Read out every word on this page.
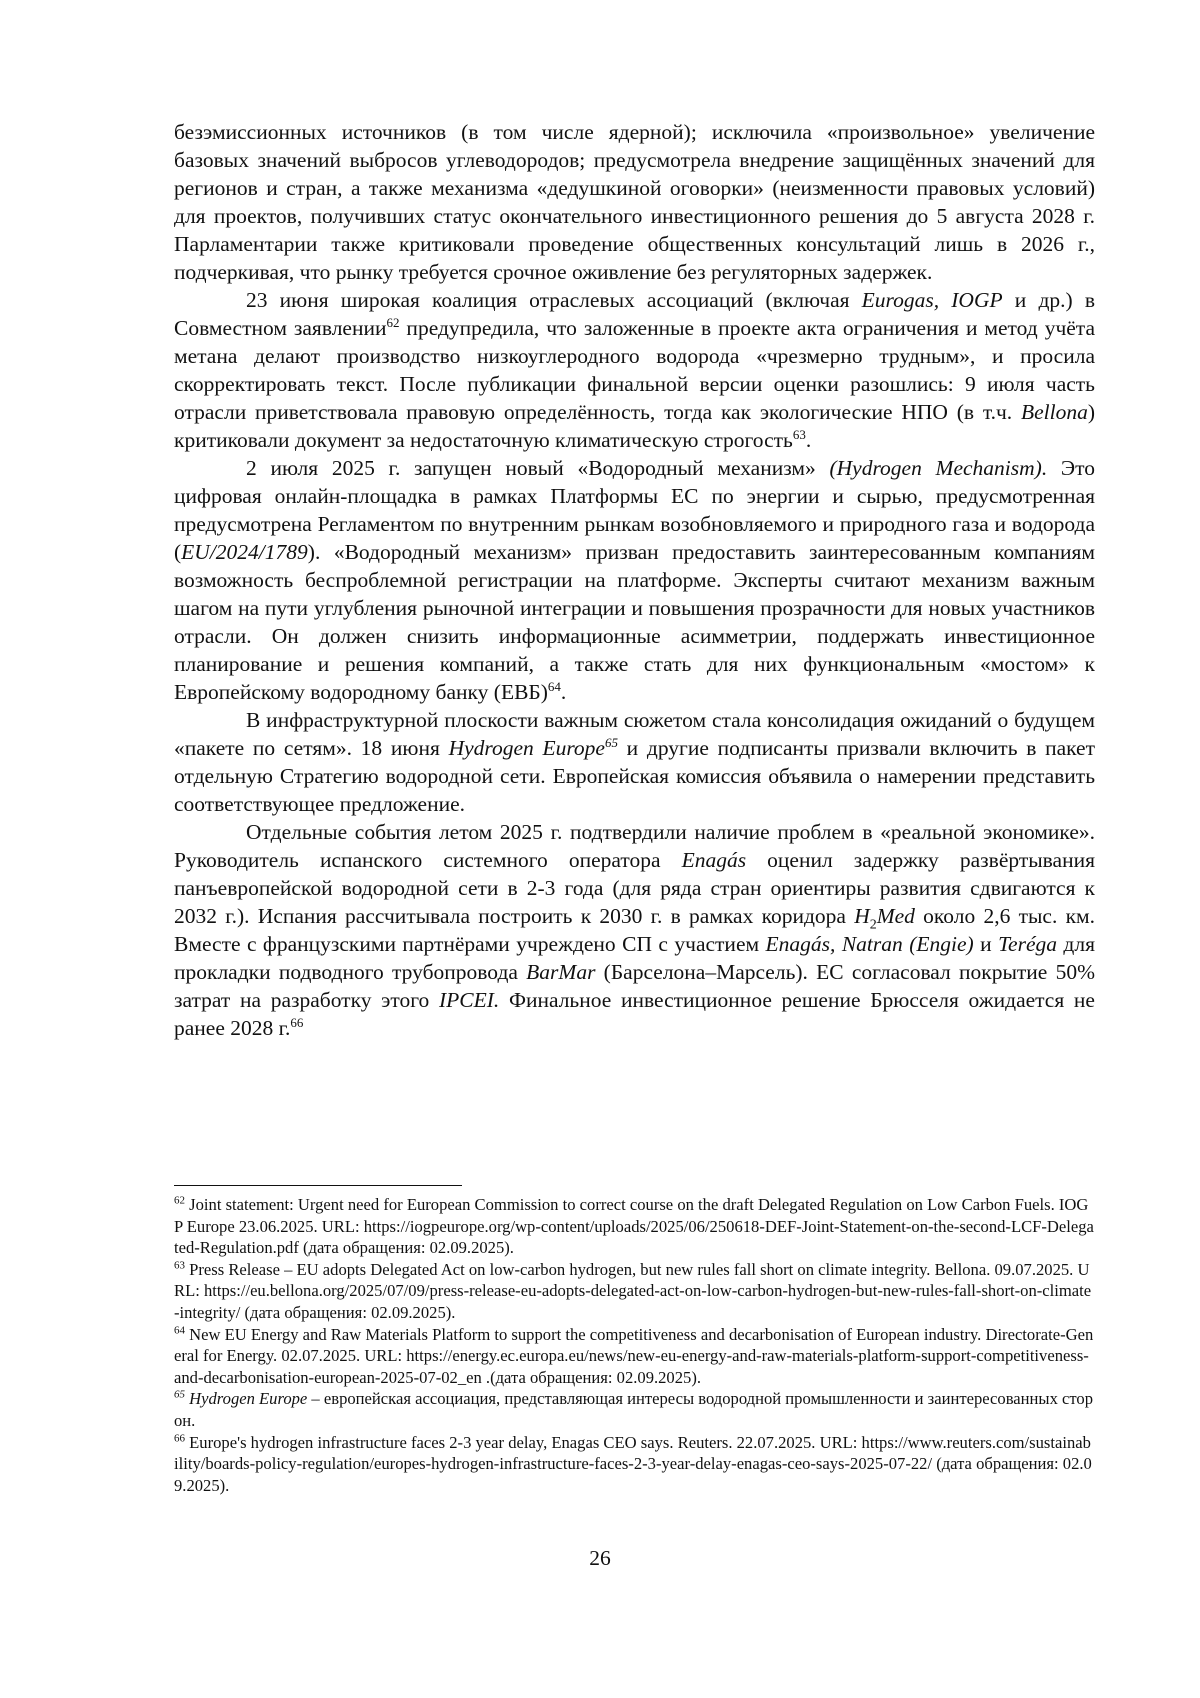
безэмиссионных источников (в том числе ядерной); исключила «произвольное» увеличение базовых значений выбросов углеводородов; предусмотрела внедрение защищённых значений для регионов и стран, а также механизма «дедушкиной оговорки» (неизменности правовых условий) для проектов, получивших статус окончательного инвестиционного решения до 5 августа 2028 г. Парламентарии также критиковали проведение общественных консультаций лишь в 2026 г., подчеркивая, что рынку требуется срочное оживление без регуляторных задержек.

23 июня широкая коалиция отраслевых ассоциаций (включая Eurogas, IOGP и др.) в Совместном заявлении$^{62}$ предупредила, что заложенные в проекте акта ограничения и метод учёта метана делают производство низкоуглеродного водорода «чрезмерно трудным», и просила скорректировать текст. После публикации финальной версии оценки разошлись: 9 июля часть отрасли приветствовала правовую определённость, тогда как экологические НПО (в т.ч. Bellona) критиковали документ за недостаточную климатическую строгость$^{63}$.

2 июля 2025 г. запущен новый «Водородный механизм» (Hydrogen Mechanism). Это цифровая онлайн-площадка в рамках Платформы ЕС по энергии и сырью, предусмотренная предусмотрена Регламентом по внутренним рынкам возобновляемого и природного газа и водорода (EU/2024/1789). «Водородный механизм» призван предоставить заинтересованным компаниям возможность беспроблемной регистрации на платформе. Эксперты считают механизм важным шагом на пути углубления рыночной интеграции и повышения прозрачности для новых участников отрасли. Он должен снизить информационные асимметрии, поддержать инвестиционное планирование и решения компаний, а также стать для них функциональным «мостом» к Европейскому водородному банку (ЕВБ)$^{64}$.

В инфраструктурной плоскости важным сюжетом стала консолидация ожиданий о будущем «пакете по сетям». 18 июня Hydrogen Europe$^{65}$ и другие подписанты призвали включить в пакет отдельную Стратегию водородной сети. Европейская комиссия объявила о намерении представить соответствующее предложение.

Отдельные события летом 2025 г. подтвердили наличие проблем в «реальной экономике». Руководитель испанского системного оператора Enagás оценил задержку развёртывания панъевропейской водородной сети в 2-3 года (для ряда стран ориентиры развития сдвигаются к 2032 г.). Испания рассчитывала построить к 2030 г. в рамках коридора $H_2Med$ около 2,6 тыс. км. Вместе с французскими партнёрами учреждено СП с участием Enagás, Natran (Engie) и Teréga для прокладки подводного трубопровода BarMar (Барселона–Марсель). ЕС согласовал покрытие 50% затрат на разработку этого IPCEI. Финальное инвестиционное решение Брюсселя ожидается не ранее 2028 г.$^{66}$

$^{62}$ Joint statement: Urgent need for European Commission to correct course on the draft Delegated Regulation on Low Carbon Fuels. IOGP Europe 23.06.2025. URL: https://iogpeurope.org/wp-content/uploads/2025/06/250618-DEF-Joint-Statement-on-the-second-LCF-Delegated-Regulation.pdf (дата обращения: 02.09.2025).

$^{63}$ Press Release – EU adopts Delegated Act on low-carbon hydrogen, but new rules fall short on climate integrity. Bellona. 09.07.2025. URL: https://eu.bellona.org/2025/07/09/press-release-eu-adopts-delegated-act-on-low-carbon-hydrogen-but-new-rules-fall-short-on-climate-integrity/ (дата обращения: 02.09.2025).

$^{64}$ New EU Energy and Raw Materials Platform to support the competitiveness and decarbonisation of European industry. Directorate-General for Energy. 02.07.2025. URL: https://energy.ec.europa.eu/news/new-eu-energy-and-raw-materials-platform-support-competitiveness-and-decarbonisation-european-2025-07-02_en .(дата обращения: 02.09.2025).

$^{65}$ Hydrogen Europe – европейская ассоциация, представляющая интересы водородной промышленности и заинтересованных сторон.

$^{66}$ Europe's hydrogen infrastructure faces 2-3 year delay, Enagas CEO says. Reuters. 22.07.2025. URL: https://www.reuters.com/sustainability/boards-policy-regulation/europes-hydrogen-infrastructure-faces-2-3-year-delay-enagas-ceo-says-2025-07-22/ (дата обращения: 02.09.2025).

26
